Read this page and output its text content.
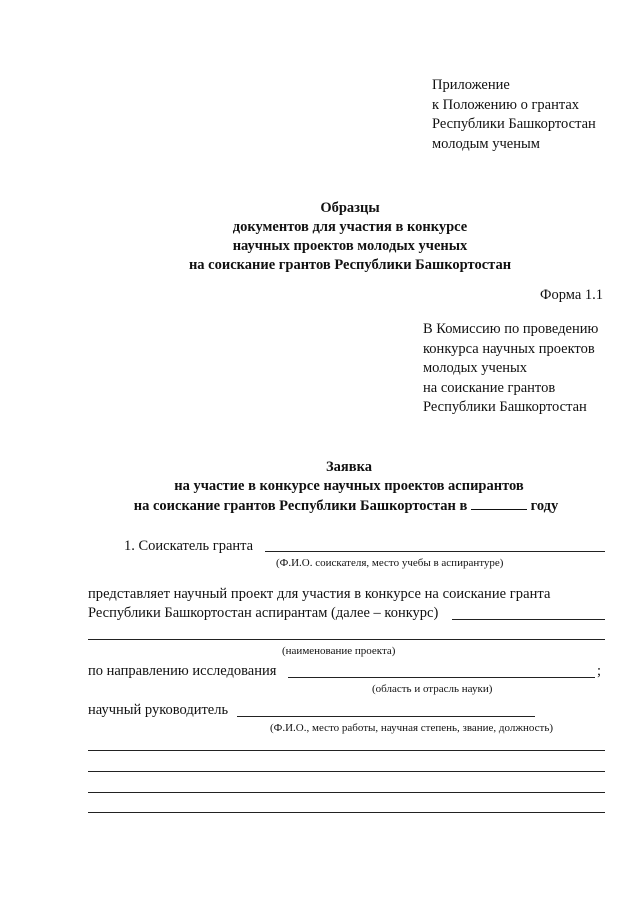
Приложение
к Положению о грантах
Республики Башкортостан
молодым ученым
Образцы
документов для участия в конкурсе
научных проектов молодых ученых
на соискание грантов Республики Башкортостан
Форма 1.1
В Комиссию по проведению
конкурса научных проектов
молодых ученых
на соискание грантов
Республики Башкортостан
Заявка
на участие в конкурсе научных проектов аспирантов
на соискание грантов Республики Башкортостан в	году
1. Соискатель гранта
(Ф.И.О. соискателя, место учебы в аспирантуре)
представляет научный проект для участия в конкурсе на соискание гранта
Республики Башкортостан аспирантам (далее – конкурс)
(наименование проекта)
по направлению исследования	;
(область и отрасль науки)
научный руководитель
(Ф.И.О., место работы, научная степень, звание, должность)
